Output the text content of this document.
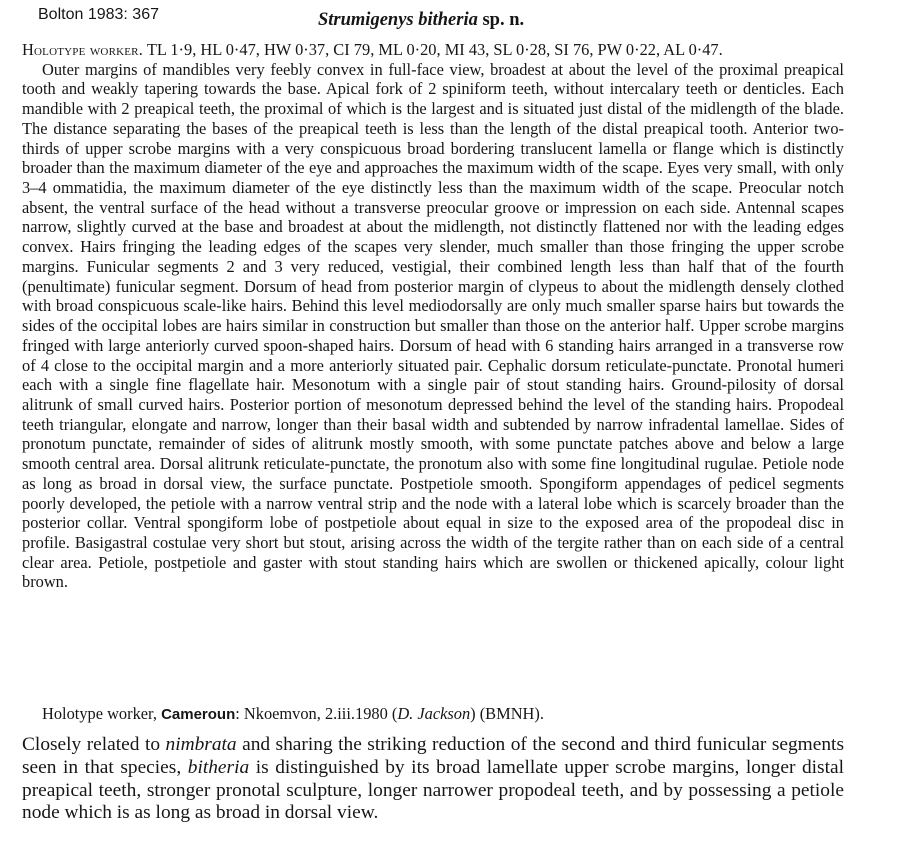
Bolton 1983: 367	Strumigenys bitheria sp. n.

Holotype worker. TL 1·9, HL 0·47, HW 0·37, CI 79, ML 0·20, MI 43, SL 0·28, SI 76, PW 0·22, AL 0·47.

Outer margins of mandibles very feebly convex in full-face view, broadest at about the level of the proximal preapical tooth and weakly tapering towards the base. Apical fork of 2 spiniform teeth, without intercalary teeth or denticles. Each mandible with 2 preapical teeth, the proximal of which is the largest and is situated just distal of the midlength of the blade. The distance separating the bases of the preapical teeth is less than the length of the distal preapical tooth. Anterior two-thirds of upper scrobe margins with a very conspicuous broad bordering translucent lamella or flange which is distinctly broader than the maximum diameter of the eye and approaches the maximum width of the scape. Eyes very small, with only 3–4 ommatidia, the maximum diameter of the eye distinctly less than the maximum width of the scape. Preocular notch absent, the ventral surface of the head without a transverse preocular groove or impression on each side. Antennal scapes narrow, slightly curved at the base and broadest at about the midlength, not distinctly flattened nor with the leading edges convex. Hairs fringing the leading edges of the scapes very slender, much smaller than those fringing the upper scrobe margins. Funicular segments 2 and 3 very reduced, vestigial, their combined length less than half that of the fourth (penultimate) funicular segment. Dorsum of head from posterior margin of clypeus to about the midlength densely clothed with broad conspicuous scale-like hairs. Behind this level mediodorsally are only much smaller sparse hairs but towards the sides of the occipital lobes are hairs similar in construction but smaller than those on the anterior half. Upper scrobe margins fringed with large anteriorly curved spoon-shaped hairs. Dorsum of head with 6 standing hairs arranged in a transverse row of 4 close to the occipital margin and a more anteriorly situated pair. Cephalic dorsum reticulate-punctate. Pronotal humeri each with a single fine flagellate hair. Mesonotum with a single pair of stout standing hairs. Ground-pilosity of dorsal alitrunk of small curved hairs. Posterior portion of mesonotum depressed behind the level of the standing hairs. Propodeal teeth triangular, elongate and narrow, longer than their basal width and subtended by narrow infradental lamellae. Sides of pronotum punctate, remainder of sides of alitrunk mostly smooth, with some punctate patches above and below a large smooth central area. Dorsal alitrunk reticulate-punctate, the pronotum also with some fine longitudinal rugulae. Petiole node as long as broad in dorsal view, the surface punctate. Postpetiole smooth. Spongiform appendages of pedicel segments poorly developed, the petiole with a narrow ventral strip and the node with a lateral lobe which is scarcely broader than the posterior collar. Ventral spongiform lobe of postpetiole about equal in size to the exposed area of the propodeal disc in profile. Basigastral costulae very short but stout, arising across the width of the tergite rather than on each side of a central clear area. Petiole, postpetiole and gaster with stout standing hairs which are swollen or thickened apically, colour light brown.

Holotype worker, Cameroun: Nkoemvon, 2.iii.1980 (D. Jackson) (BMNH).

Closely related to nimbrata and sharing the striking reduction of the second and third funicular segments seen in that species, bitheria is distinguished by its broad lamellate upper scrobe margins, longer distal preapical teeth, stronger pronotal sculpture, longer narrower propodeal teeth, and by possessing a petiole node which is as long as broad in dorsal view.
